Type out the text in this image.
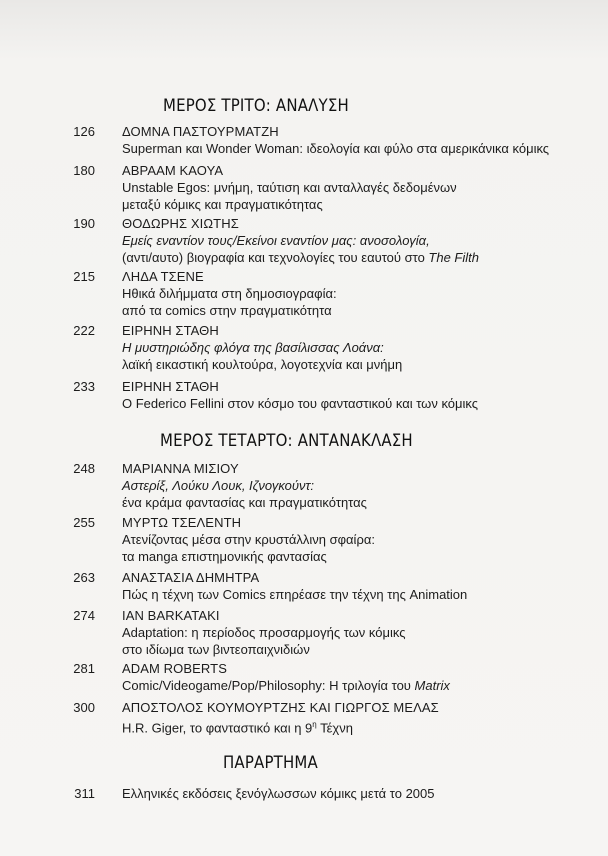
ΜΕΡΟΣ ΤΡΙΤΟ: ΑΝΑΛΥΣΗ
126 ΔΟΜΝΑ ΠΑΣΤΟΥΡΜΑΤΖΗ
Superman και Wonder Woman: ιδεολογία και φύλο στα αμερικάνικα κόμικς
180 ΑΒΡΑΑΜ ΚΑΟΥΑ
Unstable Egos: μνήμη, ταύτιση και ανταλλαγές δεδομένων
μεταξύ κόμικς και πραγματικότητας
190 ΘΟΔΩΡΗΣ ΧΙΩΤΗΣ
Εμείς εναντίον τους/Εκείνοι εναντίον μας: ανοσολογία,
(αντι/αυτο) βιογραφία και τεχνολογίες του εαυτού στο The Filth
215 ΛΗΔΑ ΤΣΕΝΕ
Ηθικά διλήμματα στη δημοσιογραφία:
από τα comics στην πραγματικότητα
222 ΕΙΡΗΝΗ ΣΤΑΘΗ
Η μυστηριώδης φλόγα της βασίλισσας Λοάνα:
λαϊκή εικαστική κουλτούρα, λογοτεχνία και μνήμη
233 ΕΙΡΗΝΗ ΣΤΑΘΗ
Ο Federico Fellini στον κόσμο του φανταστικού και των κόμικς
ΜΕΡΟΣ ΤΕΤΑΡΤΟ: ΑΝΤΑΝΑΚΛΑΣΗ
248 ΜΑΡΙΑΝΝΑ ΜΙΣΙΟΥ
Αστερίξ, Λούκυ Λουκ, Ιζνογκούντ:
ένα κράμα φαντασίας και πραγματικότητας
255 ΜΥΡΤΩ ΤΣΕΛΕΝΤΗ
Ατενίζοντας μέσα στην κρυστάλλινη σφαίρα:
τα manga επιστημονικής φαντασίας
263 ΑΝΑΣΤΑΣΙΑ ΔΗΜΗΤΡΑ
Πώς η τέχνη των Comics επηρέασε την τέχνη της Animation
274 ΙΑΝ BARKATAKI
Adaptation: η περίοδος προσαρμογής των κόμικς
στο ιδίωμα των βιντεοπαιχνιδιών
281 ADAM ROBERTS
Comic/Videogame/Pop/Philosophy: Η τριλογία του Matrix
300 ΑΠΟΣΤΟΛΟΣ ΚΟΥΜΟΥΡΤΖΗΣ ΚΑΙ ΓΙΩΡΓΟΣ ΜΕΛΑΣ
H.R. Giger, το φανταστικό και η $9^\eta$ Τέχνη
ΠΑΡΑΡΤΗΜΑ
311 Ελληνικές εκδόσεις ξενόγλωσσων κόμικς μετά το 2005
